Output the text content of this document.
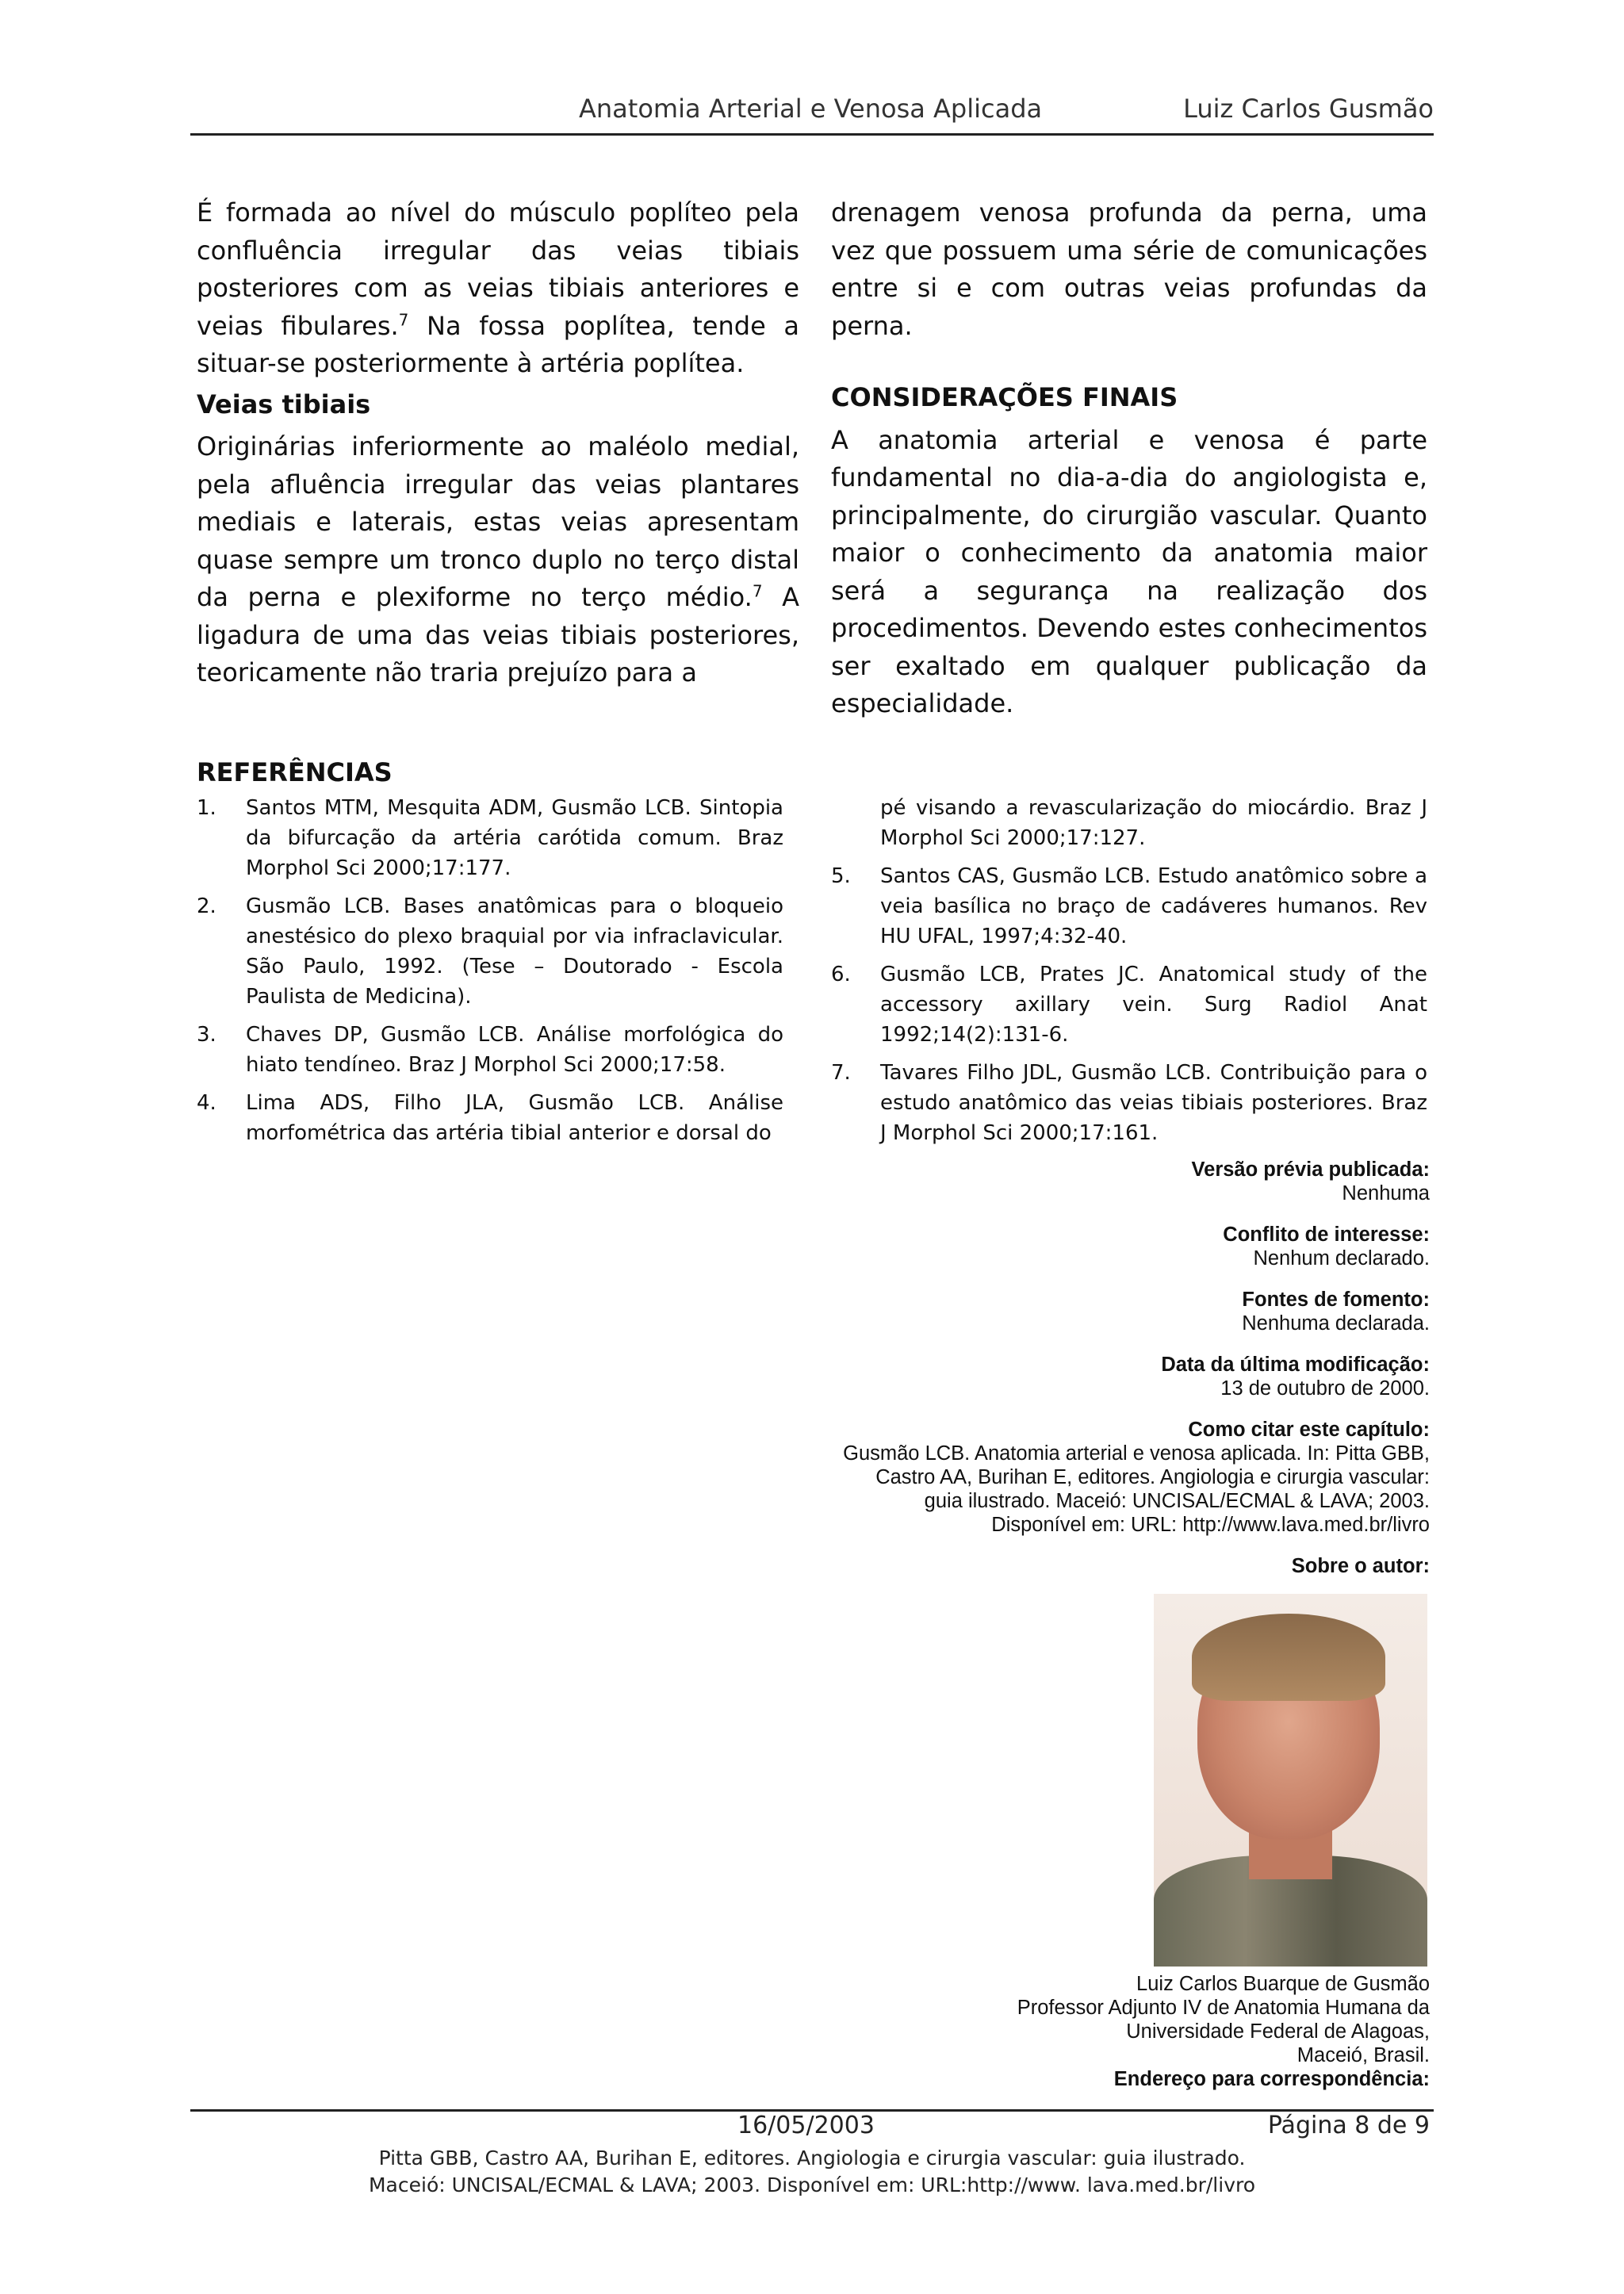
Anatomia Arterial e Venosa Aplicada	Luiz Carlos Gusmão

É formada ao nível do músculo poplíteo pela confluência irregular das veias tibiais posteriores com as veias tibiais anteriores e veias fibulares.$^7$ Na fossa poplítea, tende a situar-se posteriormente à artéria poplítea.

Veias tibiais

Originárias inferiormente ao maléolo medial, pela afluência irregular das veias plantares mediais e laterais, estas veias apresentam quase sempre um tronco duplo no terço distal da perna e plexiforme no terço médio.$^7$ A ligadura de uma das veias tibiais posteriores, teoricamente não traria prejuízo para a

drenagem venosa profunda da perna, uma vez que possuem uma série de comunicações entre si e com outras veias profundas da perna.

CONSIDERAÇÕES FINAIS

A anatomia arterial e venosa é parte fundamental no dia-a-dia do angiologista e, principalmente, do cirurgião vascular. Quanto maior o conhecimento da anatomia maior será a segurança na realização dos procedimentos. Devendo estes conhecimentos ser exaltado em qualquer publicação da especialidade.

REFERÊNCIAS
1. Santos MTM, Mesquita ADM, Gusmão LCB. Sintopia da bifurcação da artéria carótida comum. Braz Morphol Sci 2000;17:177.
2. Gusmão LCB. Bases anatômicas para o bloqueio anestésico do plexo braquial por via infraclavicular. São Paulo, 1992. (Tese – Doutorado - Escola Paulista de Medicina).
3. Chaves DP, Gusmão LCB. Análise morfológica do hiato tendíneo. Braz J Morphol Sci 2000;17:58.
4. Lima ADS, Filho JLA, Gusmão LCB. Análise morfométrica das artéria tibial anterior e dorsal do
pé visando a revascularização do miocárdio. Braz J Morphol Sci 2000;17:127.
5. Santos CAS, Gusmão LCB. Estudo anatômico sobre a veia basílica no braço de cadáveres humanos. Rev HU UFAL, 1997;4:32-40.
6. Gusmão LCB, Prates JC. Anatomical study of the accessory axillary vein. Surg Radiol Anat 1992;14(2):131-6.
7. Tavares Filho JDL, Gusmão LCB. Contribuição para o estudo anatômico das veias tibiais posteriores. Braz J Morphol Sci 2000;17:161.
Versão prévia publicada:
Nenhuma
Conflito de interesse:
Nenhum declarado.
Fontes de fomento:
Nenhuma declarada.
Data da última modificação:
13 de outubro de 2000.
Como citar este capítulo:
Gusmão LCB. Anatomia arterial e venosa aplicada. In: Pitta GBB,
Castro AA, Burihan E, editores. Angiologia e cirurgia vascular:
guia ilustrado. Maceió: UNCISAL/ECMAL & LAVA; 2003.
Disponível em: URL: http://www.lava.med.br/livro
Sobre o autor:
Luiz Carlos Buarque de Gusmão
Professor Adjunto IV de Anatomia Humana da
Universidade Federal de Alagoas,
Maceió, Brasil.
Endereço para correspondência:
16/05/2003	Página 8 de 9
Pitta GBB, Castro AA, Burihan E, editores. Angiologia e cirurgia vascular: guia ilustrado.
Maceió: UNCISAL/ECMAL & LAVA; 2003. Disponível em: URL:http://www. lava.med.br/livro
